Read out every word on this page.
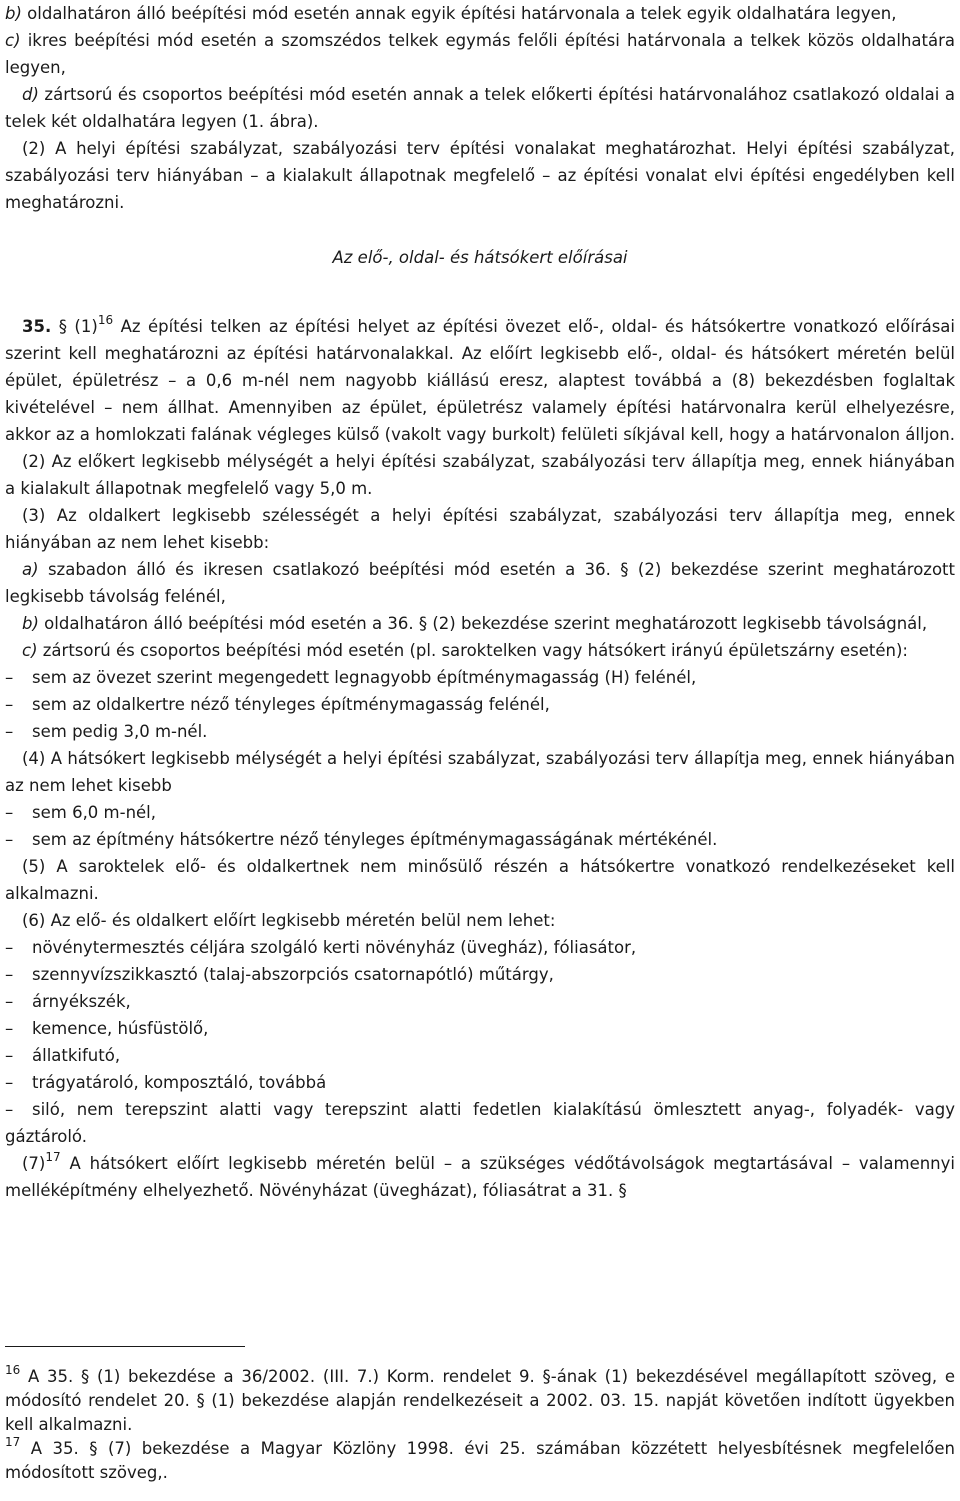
b) oldalhatáron álló beépítési mód esetén annak egyik építési határvonala a telek egyik oldalhatára legyen,

c) ikres beépítési mód esetén a szomszédos telkek egymás felőli építési határvonala a telkek közös oldalhatára legyen,

d) zártsorú és csoportos beépítési mód esetén annak a telek előkerti építési határvonalához csatlakozó oldalai a telek két oldalhatára legyen (1. ábra).

(2) A helyi építési szabályzat, szabályozási terv építési vonalakat meghatározhat. Helyi építési szabályzat, szabályozási terv hiányában – a kialakult állapotnak megfelelő – az építési vonalat elvi építési engedélyben kell meghatározni.

Az elő-, oldal- és hátsókert előírásai

35. § $(1)^{16}$ Az építési telken az építési helyet az építési övezet elő-, oldal- és hátsókertre vonatkozó előírásai szerint kell meghatározni az építési határvonalakkal. Az előírt legkisebb elő-, oldal- és hátsókert méretén belül épület, épületrész – a 0,6 m-nél nem nagyobb kiállású eresz, alaptest továbbá a (8) bekezdésben foglaltak kivételével – nem állhat. Amennyiben az épület, épületrész valamely építési határvonalra kerül elhelyezésre, akkor az a homlokzati falának végleges külső (vakolt vagy burkolt) felületi síkjával kell, hogy a határvonalon álljon.

(2) Az előkert legkisebb mélységét a helyi építési szabályzat, szabályozási terv állapítja meg, ennek hiányában a kialakult állapotnak megfelelő vagy 5,0 m.

(3) Az oldalkert legkisebb szélességét a helyi építési szabályzat, szabályozási terv állapítja meg, ennek hiányában az nem lehet kisebb:

a) szabadon álló és ikresen csatlakozó beépítési mód esetén a 36. § (2) bekezdése szerint meghatározott legkisebb távolság felénél,

b) oldalhatáron álló beépítési mód esetén a 36. § (2) bekezdése szerint meghatározott legkisebb távolságnál,

c) zártsorú és csoportos beépítési mód esetén (pl. saroktelken vagy hátsókert irányú épületszárny esetén):

– sem az övezet szerint megengedett legnagyobb építménymagasság (H) felénél,

– sem az oldalkertre néző tényleges építménymagasság felénél,

– sem pedig 3,0 m-nél.

(4) A hátsókert legkisebb mélységét a helyi építési szabályzat, szabályozási terv állapítja meg, ennek hiányában az nem lehet kisebb

– sem 6,0 m-nél,

– sem az építmény hátsókertre néző tényleges építménymagasságának mértékénél.

(5) A saroktelek elő- és oldalkertnek nem minősülő részén a hátsókertre vonatkozó rendelkezéseket kell alkalmazni.

(6) Az elő- és oldalkert előírt legkisebb méretén belül nem lehet:

– növénytermesztés céljára szolgáló kerti növényház (üvegház), fóliasátor,

– szennyvízszikkasztó (talaj-abszorpciós csatornapótló) műtárgy,

– árnyékszék,

– kemence, húsfüstölő,

– állatkifutó,

– trágyatároló, komposztáló, továbbá

– siló, nem terepszint alatti vagy terepszint alatti fedetlen kialakítású ömlesztett anyag-, folyadék- vagy gáztároló.

$(7)^{17}$ A hátsókert előírt legkisebb méretén belül – a szükséges védőtávolságok megtartásával – valamennyi melléképítmény elhelyezhető. Növényházat (üvegházat), fóliasátrat a 31. §

$^{16}$ A 35. § (1) bekezdése a 36/2002. (III. 7.) Korm. rendelet 9. §-ának (1) bekezdésével megállapított szöveg, e módosító rendelet 20. § (1) bekezdése alapján rendelkezéseit a 2002. 03. 15. napját követően indított ügyekben kell alkalmazni.

$^{17}$ A 35. § (7) bekezdése a Magyar Közlöny 1998. évi 25. számában közzétett helyesbítésnek megfelelően módosított szöveg,.
